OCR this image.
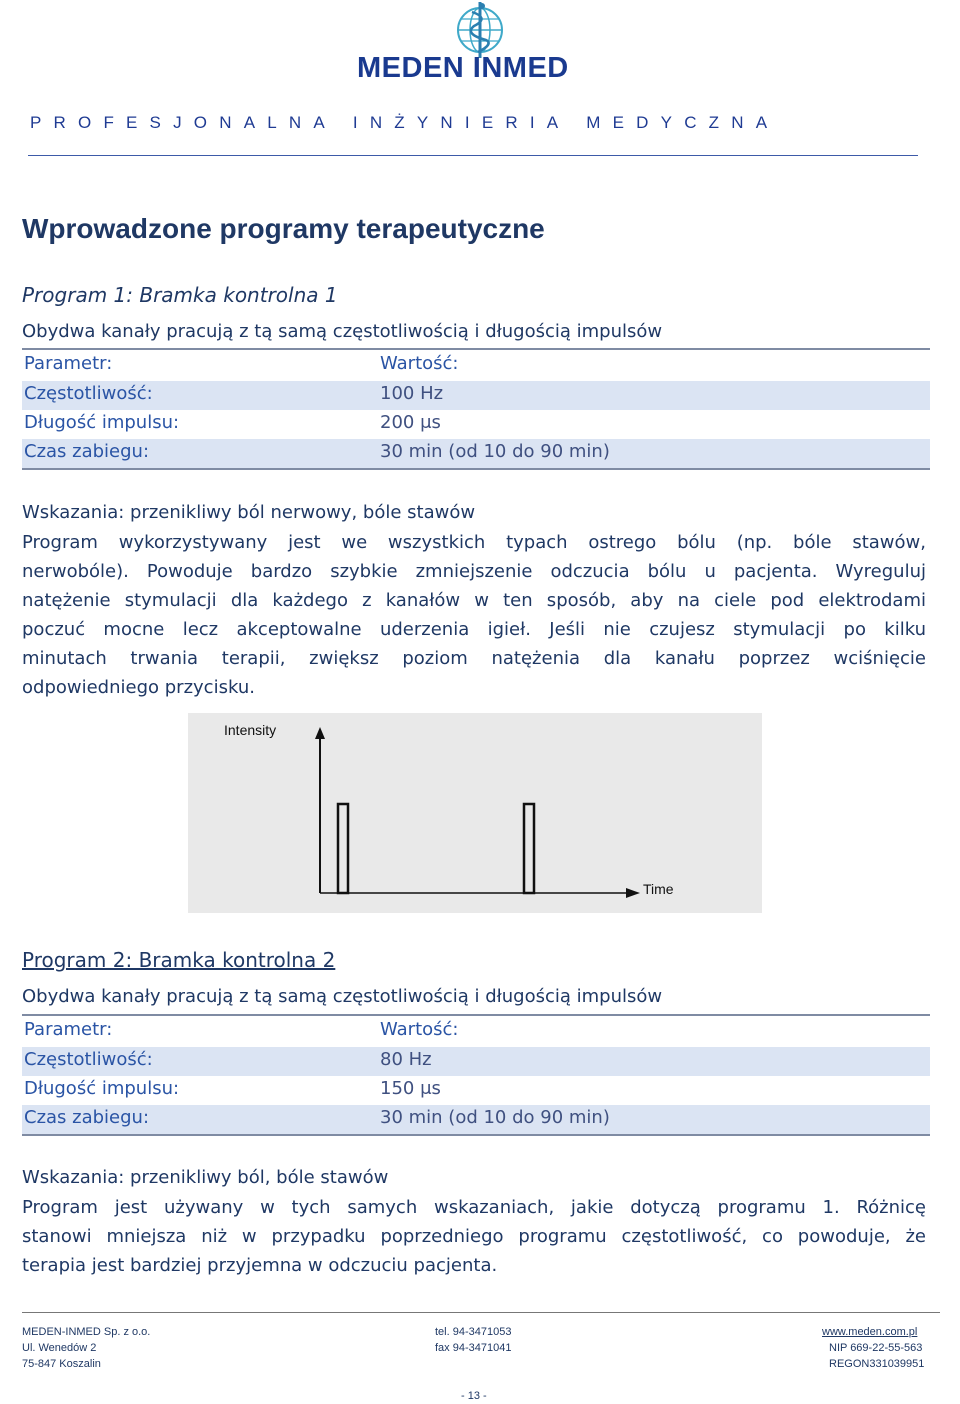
MEDEN INMED
PROFESJONALNA INŻYNIERIA MEDYCZNA
Wprowadzone programy terapeutyczne
Program 1: Bramka kontrolna 1
Obydwa kanały pracują z tą samą częstotliwością i długością impulsów
Parametr:	Wartość:
Częstotliwość:	100 Hz
Długość impulsu:	200 μs
Czas zabiegu:	30 min (od 10 do 90 min)
Wskazania: przenikliwy ból nerwowy, bóle stawów
Program wykorzystywany jest we wszystkich typach ostrego bólu (np. bóle stawów,
nerwobóle). Powoduje bardzo szybkie zmniejszenie odczucia bólu u pacjenta. Wyreguluj
natężenie stymulacji dla każdego z kanałów w ten sposób, aby na ciele pod elektrodami
poczuć mocne lecz akceptowalne uderzenia igieł. Jeśli nie czujesz stymulacji po kilku
minutach trwania terapii, zwiększ poziom natężenia dla kanału poprzez wciśnięcie
odpowiedniego przycisku.
Intensity
Time
Program 2: Bramka kontrolna 2
Obydwa kanały pracują z tą samą częstotliwością i długością impulsów
Parametr:	Wartość:
Częstotliwość:	80 Hz
Długość impulsu:	150 μs
Czas zabiegu:	30 min (od 10 do 90 min)
Wskazania: przenikliwy ból, bóle stawów
Program jest używany w tych samych wskazaniach, jakie dotyczą programu 1. Różnicę
stanowi mniejsza niż w przypadku poprzedniego programu częstotliwość, co powoduje, że
terapia jest bardziej przyjemna w odczuciu pacjenta.
MEDEN-INMED Sp. z o.o.
Ul. Wenedów 2
75-847 Koszalin
tel. 94-3471053
fax 94-3471041
www.meden.com.pl
NIP 669-22-55-563
REGON331039951
- 13 -
